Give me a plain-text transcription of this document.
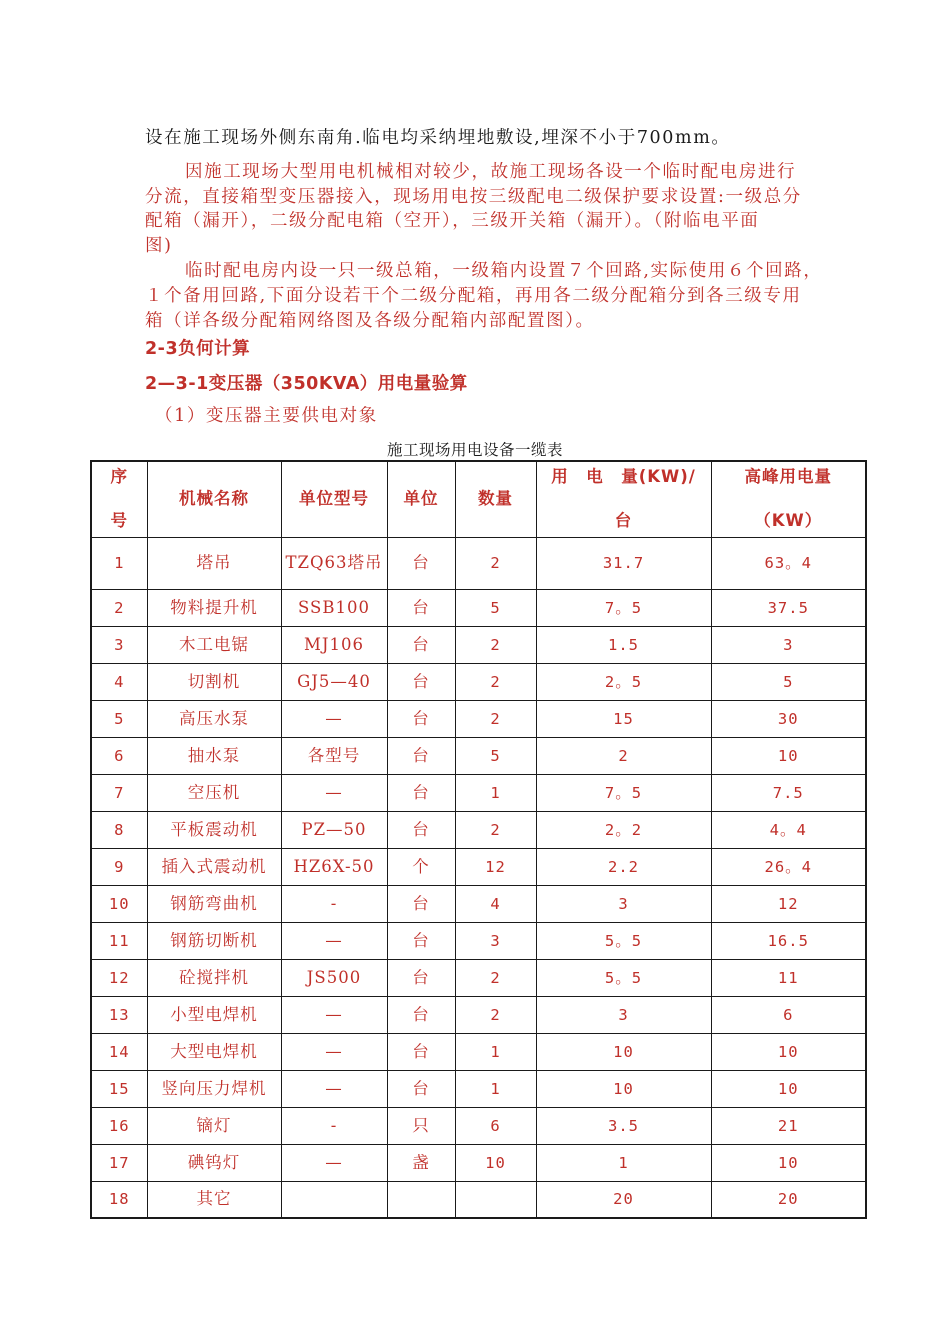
设在施工现场外侧东南角.临电均采纳埋地敷设,埋深不小于700mm。
因施工现场大型用电机械相对较少，故施工现场各设一个临时配电房进行
分流，直接箱型变压器接入，现场用电按三级配电二级保护要求设置:一级总分
配箱（漏开），二级分配电箱（空开），三级开关箱（漏开）。（附临电平面
图)
临时配电房内设一只一级总箱，一级箱内设置７个回路,实际使用６个回路，
１个备用回路,下面分设若干个二级分配箱，再用各二级分配箱分到各三级专用
箱（详各级分配箱网络图及各级分配箱内部配置图）。
2-3负何计算
2—3-1变压器（350KVA）用电量验算
（1）变压器主要供电对象
施工现场用电设备一缆表
序

号	机械名称	单位型号	单位	数量	用　电　量(KW)/

台	高峰用电量

（KW）
1	塔吊	TZQ63塔吊	台	2	31.7	63。4
2	物料提升机	SSB100	台	5	7。5	37.5
3	木工电锯	MJ106	台	2	1.5	3
4	切割机	GJ5—40	台	2	2。5	5
5	高压水泵	—	台	2	15	30
6	抽水泵	各型号	台	5	2	10
7	空压机	—	台	1	7。5	7.5
8	平板震动机	PZ—50	台	2	2。2	4。4
9	插入式震动机	HZ6X-50	个	12	2.2	26。4
10	钢筋弯曲机	-	台	4	3	12
11	钢筋切断机	—	台	3	5。5	16.5
12	砼搅拌机	JS500	台	2	5。5	11
13	小型电焊机	—	台	2	3	6
14	大型电焊机	—	台	1	10	10
15	竖向压力焊机	—	台	1	10	10
16	镝灯	-	只	6	3.5	21
17	碘钨灯	—	盏	10	1	10
18	其它				20	20
